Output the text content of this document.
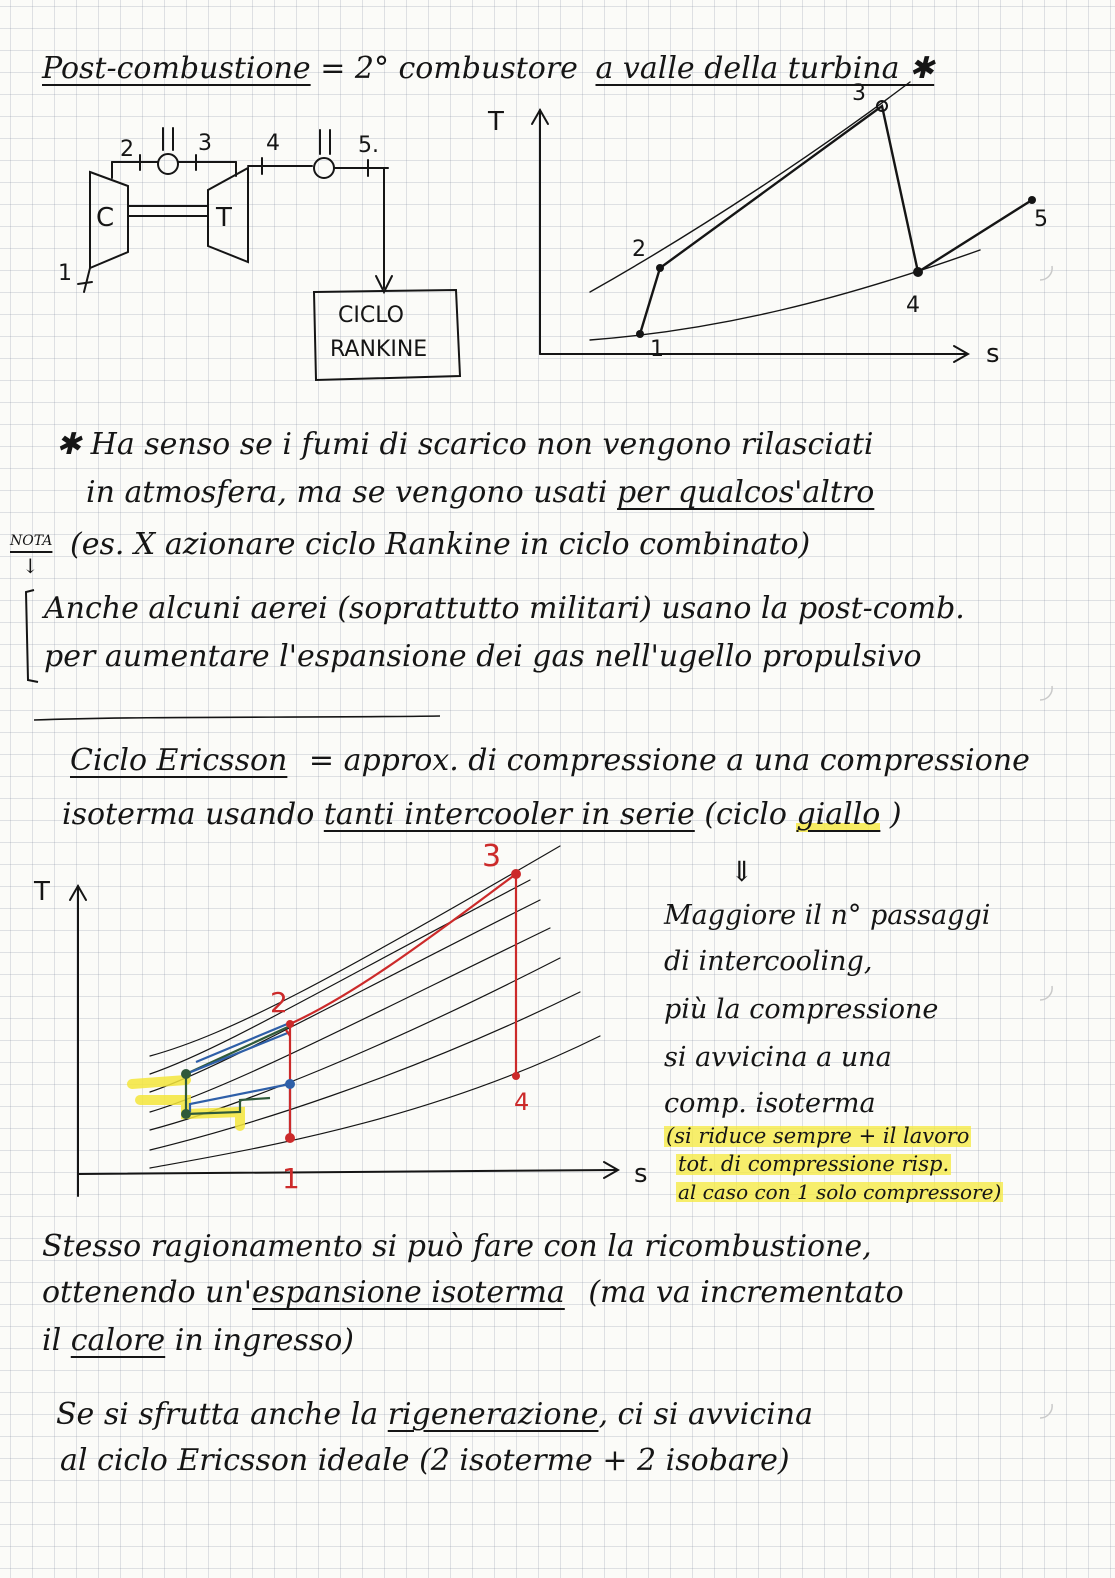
Post-combustione = 2° combustore a valle della turbina ✱
C	T
1
2	3 4	5.
CICLO
RANKINE
T
s
1
2
3
4
5
✱ Ha senso se i fumi di scarico non vengono rilasciati
in atmosfera, ma se vengono usati per qualcos'altro
NOTA
↓
(es. X azionare ciclo Rankine in ciclo combinato)
Anche alcuni aerei (soprattutto militari) usano la post-comb.
per aumentare l'espansione dei gas nell'ugello propulsivo
Ciclo Ericsson = approx. di compressione a una compressione
isoterma usando tanti intercooler in serie (ciclo giallo )
T
s
1
2
3
4
⇓
Maggiore il n° passaggi
di intercooling,
più la compressione
si avvicina a una
comp. isoterma
(si riduce sempre + il lavoro
tot. di compressione risp.
al caso con 1 solo compressore)
Stesso ragionamento si può fare con la ricombustione,
ottenendo un'espansione isoterma (ma va incrementato
il calore in ingresso)
Se si sfrutta anche la rigenerazione, ci si avvicina
al ciclo Ericsson ideale (2 isoterme + 2 isobare)
